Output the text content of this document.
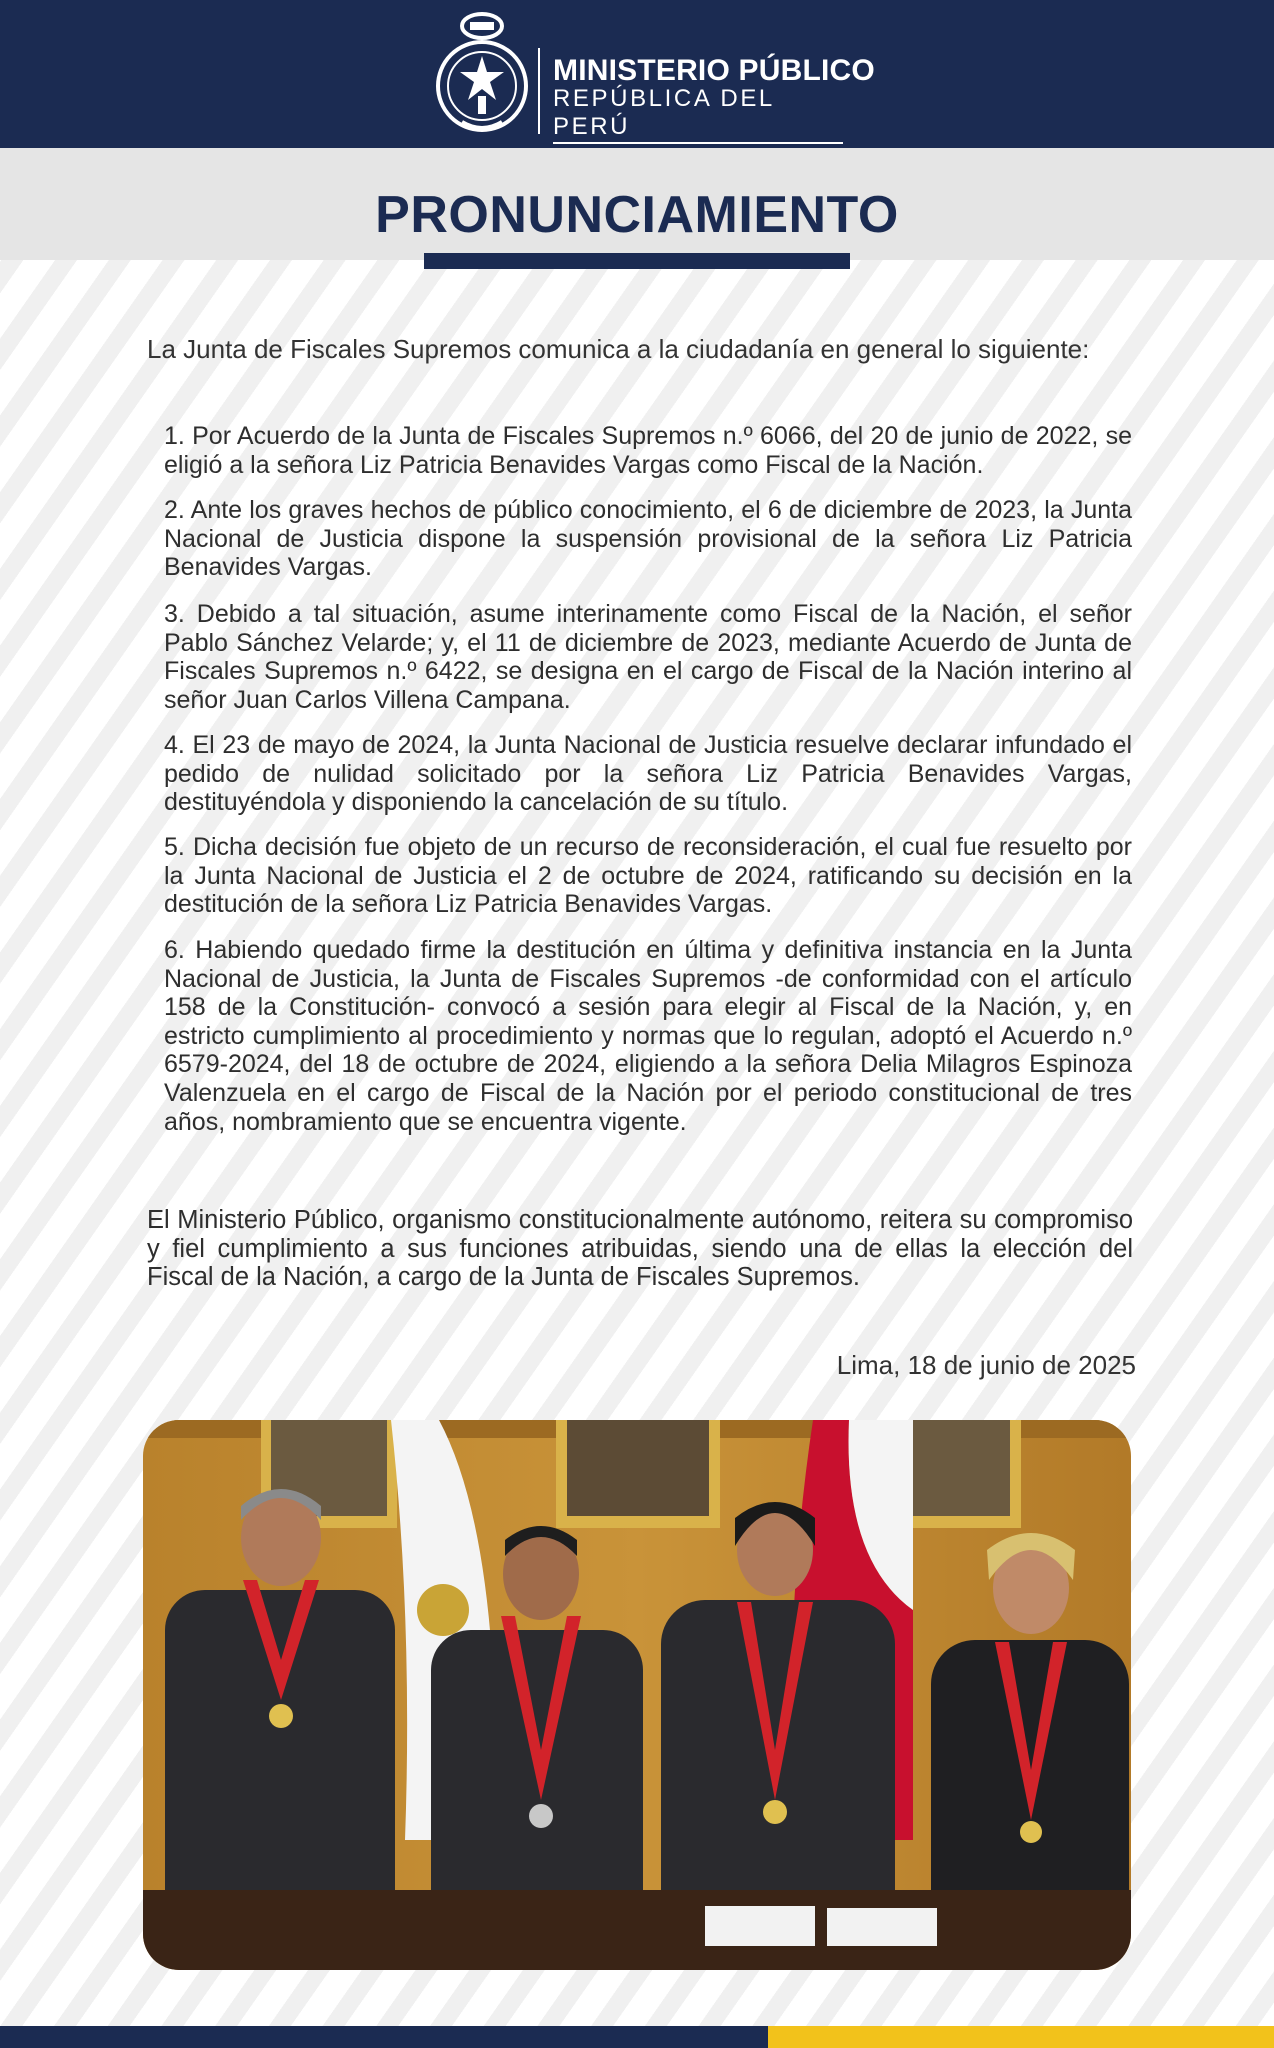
MINISTERIO PÚBLICO
REPÚBLICA DEL PERÚ
PRONUNCIAMIENTO
La Junta de Fiscales Supremos comunica a la ciudadanía en general lo siguiente:
1. Por Acuerdo de la Junta de Fiscales Supremos n.º 6066, del 20 de junio de 2022, se eligió a la señora Liz Patricia Benavides Vargas como Fiscal de la Nación.
2. Ante los graves hechos de público conocimiento, el 6 de diciembre de 2023, la Junta Nacional de Justicia dispone la suspensión provisional de la señora Liz Patricia Benavides Vargas.
3. Debido a tal situación, asume interinamente como Fiscal de la Nación, el señor Pablo Sánchez Velarde; y, el 11 de diciembre de 2023, mediante Acuerdo de Junta de Fiscales Supremos n.º 6422, se designa en el cargo de Fiscal de la Nación interino al señor Juan Carlos Villena Campana.
4. El 23 de mayo de 2024, la Junta Nacional de Justicia resuelve declarar infundado el pedido de nulidad solicitado por la señora Liz Patricia Benavides Vargas, destituyéndola y disponiendo la cancelación de su título.
5. Dicha decisión fue objeto de un recurso de reconsideración, el cual fue resuelto por la Junta Nacional de Justicia el 2 de octubre de 2024, ratificando su decisión en la destitución de la señora Liz Patricia Benavides Vargas.
6. Habiendo quedado firme la destitución en última y definitiva instancia en la Junta Nacional de Justicia, la Junta de Fiscales Supremos -de conformidad con el artículo 158 de la Constitución- convocó a sesión para elegir al Fiscal de la Nación, y, en estricto cumplimiento al procedimiento y normas que lo regulan, adoptó el Acuerdo n.º 6579-2024, del 18 de octubre de 2024, eligiendo a la señora Delia Milagros Espinoza Valenzuela en el cargo de Fiscal de la Nación por el periodo constitucional de tres años, nombramiento que se encuentra vigente.
El Ministerio Público, organismo constitucionalmente autónomo, reitera su compromiso y fiel cumplimiento a sus funciones atribuidas, siendo una de ellas la elección del Fiscal de la Nación, a cargo de la Junta de Fiscales Supremos.
Lima, 18 de junio de 2025
